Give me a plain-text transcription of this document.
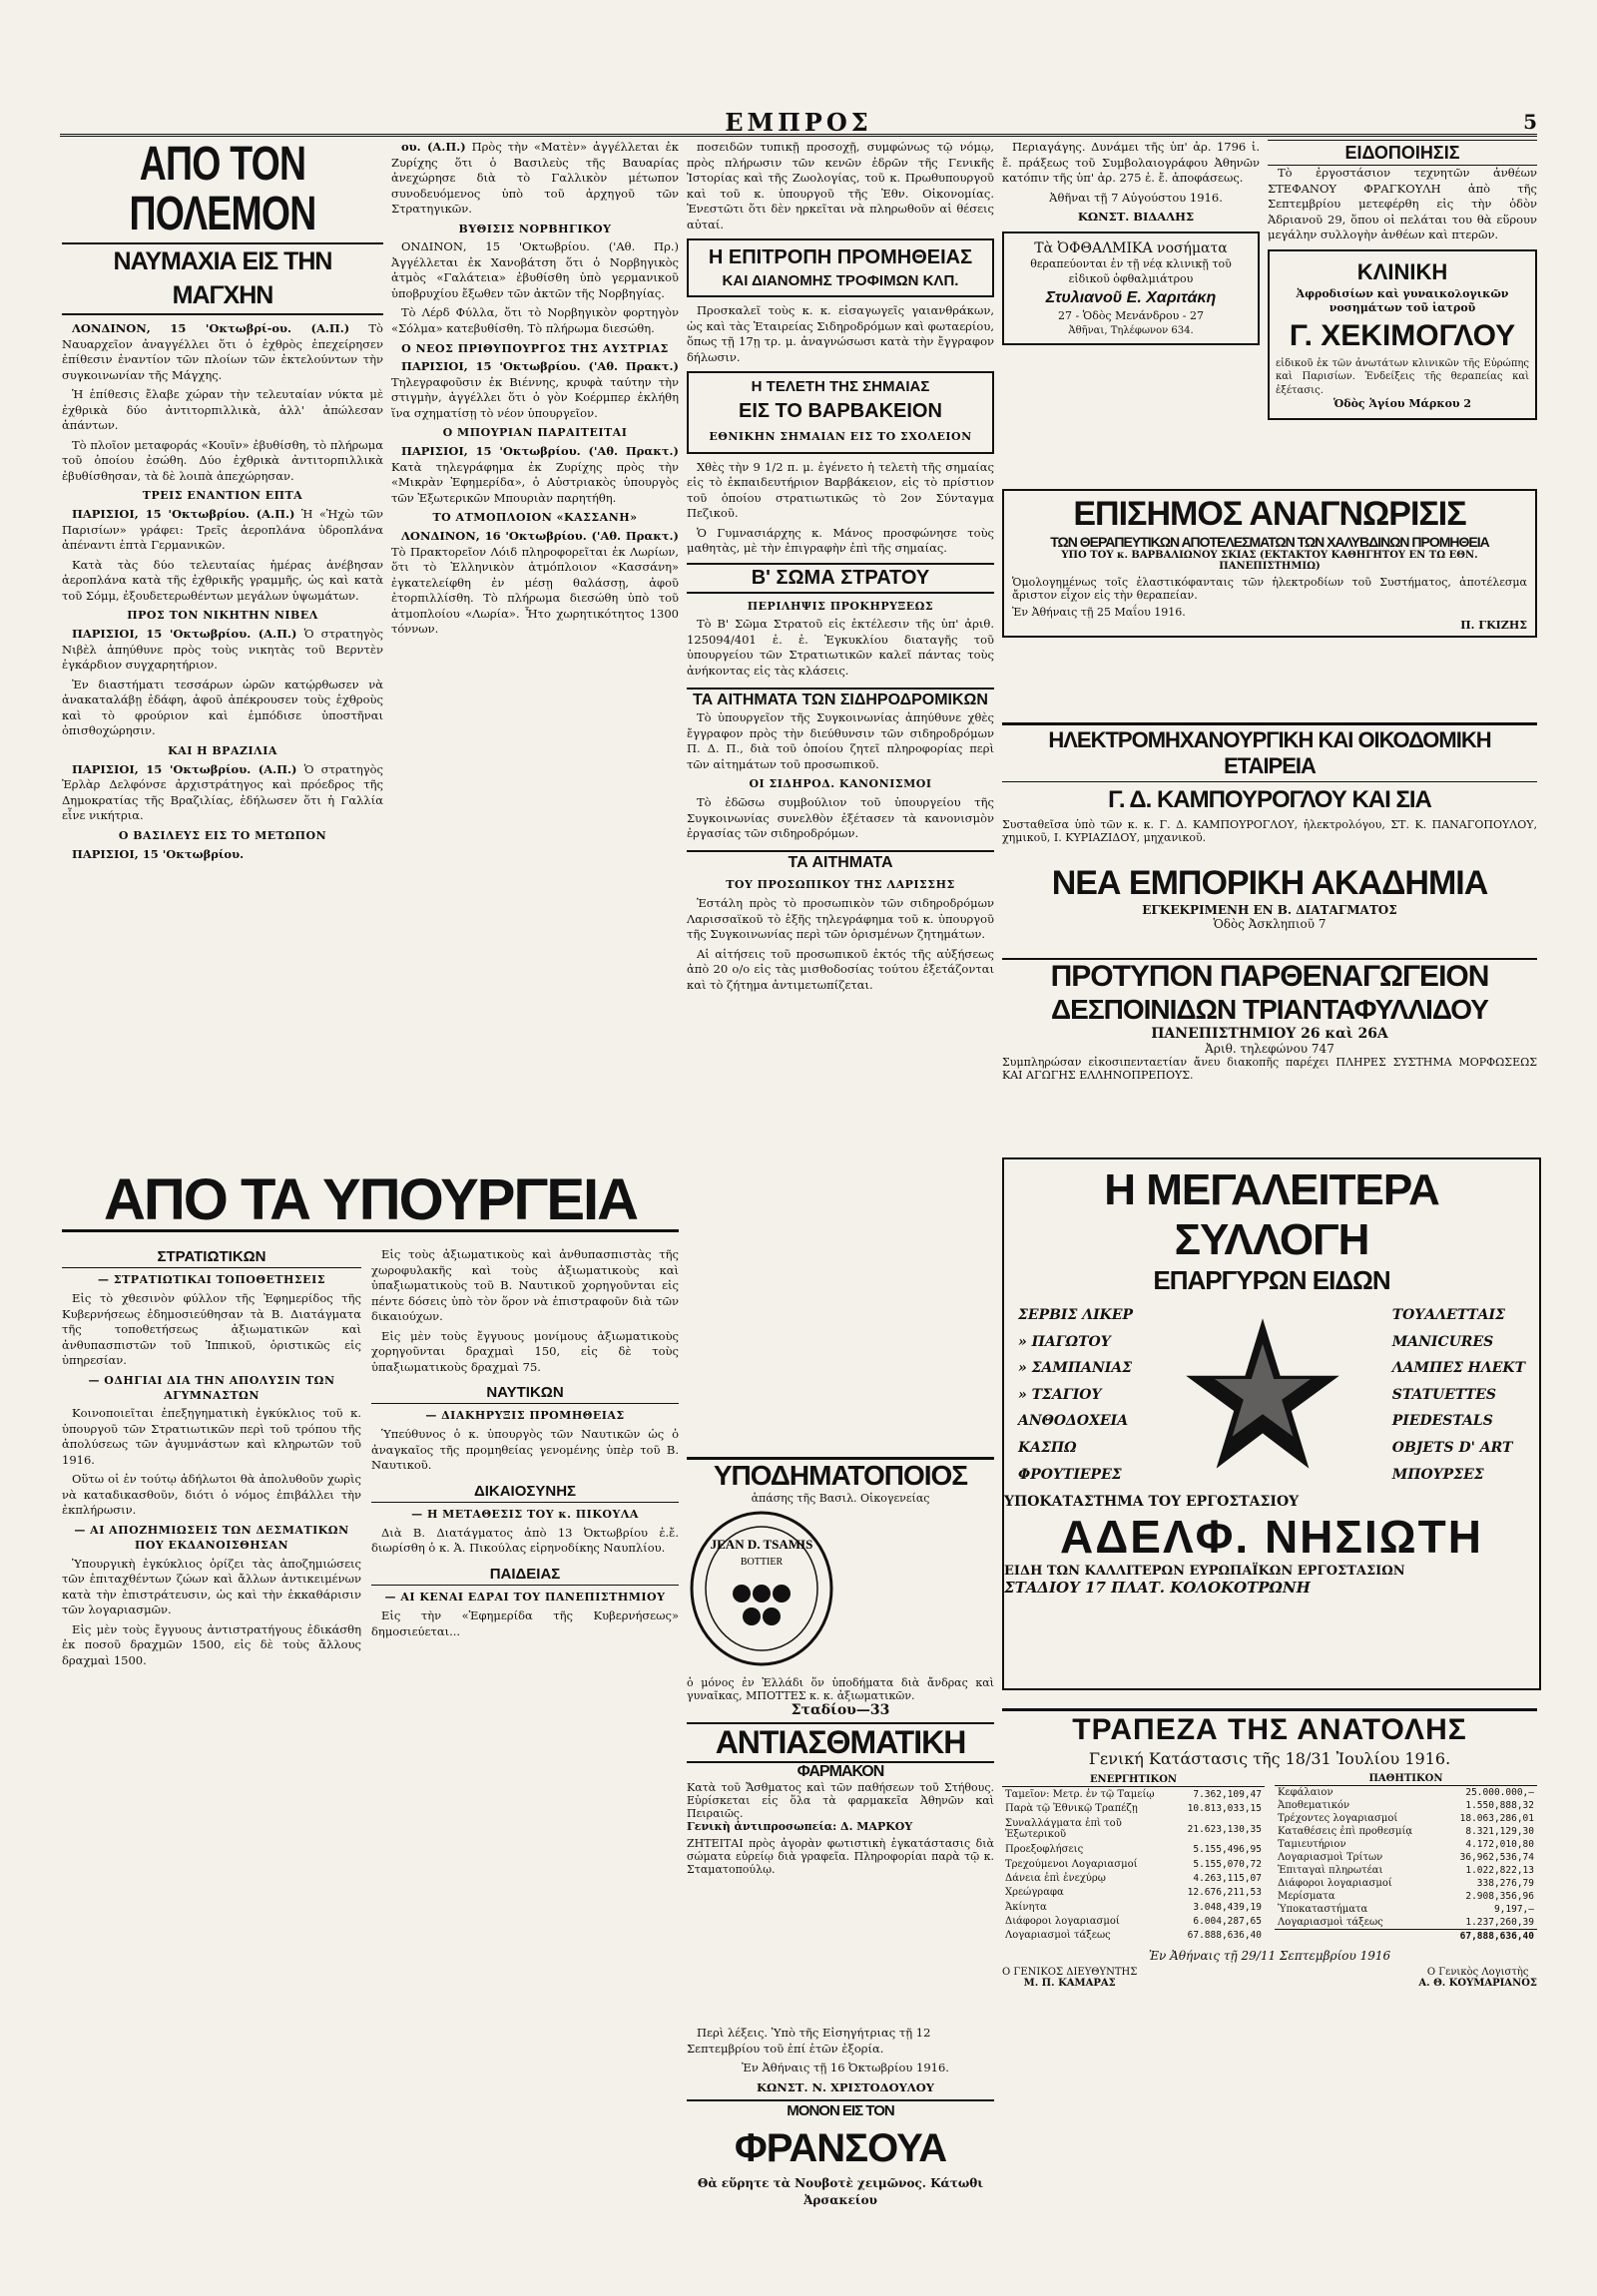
ΕΜΠΡΟΣ	5
ΑΠΟ ΤΟΝ ΠΟΛΕΜΟΝ
ΝΑΥΜΑΧΙΑ ΕΙΣ ΤΗΝ ΜΑΓΧΗΝ

ΛΟΝΔΙΝΟΝ, 15 'Οκτωβρί-ου. (Α.Π.) Τὸ Ναυαρχεῖον ἀναγγέλλει ὅτι ὁ ἐχθρὸς ἐπεχείρησεν ἐπίθεσιν ἐναντίον τῶν πλοίων τῶν ἐκτελούντων τὴν συγκοινωνίαν τῆς Μάγχης.

Ἡ ἐπίθεσις ἔλαβε χώραν τὴν τελευταίαν νύκτα μὲ ἐχθρικὰ δύο ἀντιτορπιλλικὰ, ἀλλ' ἀπώλεσαν ἁπάντων.

Τὸ πλοῖον μεταφοράς «Κουῖν» ἐβυθίσθη, τὸ πλήρωμα τοῦ ὁποίου ἐσώθη. Δύο ἐχθρικὰ ἀντιτορπιλλικὰ ἐβυθίσθησαν, τὰ δὲ λοιπὰ ἀπεχώρησαν.

ΤΡΕΙΣ ΕΝΑΝΤΙΟΝ ΕΠΤΑ

ΠΑΡΙΣΙΟΙ, 15 'Οκτωβρίου. (Α.Π.) Ἡ «Ἠχὼ τῶν Παρισίων» γράφει: Τρεῖς ἀεροπλάνα ὑδροπλάνα ἀπέναντι ἑπτὰ Γερμανικῶν.

Κατὰ τὰς δύο τελευταίας ἡμέρας ἀνέβησαν ἀεροπλάνα κατὰ τῆς ἐχθρικῆς γραμμῆς, ὡς καὶ κατὰ τοῦ Σόμμ, ἐξουδετερωθέντων μεγάλων ὑψωμάτων.

ΠΡΟΣ ΤΟΝ ΝΙΚΗΤΗΝ ΝΙΒΕΛ

ΠΑΡΙΣΙΟΙ, 15 'Οκτωβρίου. (Α.Π.) Ὁ στρατηγὸς Νιβὲλ ἀπηύθυνε πρὸς τοὺς νικητὰς τοῦ Βερντὲν ἐγκάρδιον συγχαρητήριον.

Ἐν διαστήματι τεσσάρων ὡρῶν κατῴρθωσεν νὰ ἀνακαταλάβῃ ἐδάφη, ἀφοῦ ἀπέκρουσεν τοὺς ἐχθροὺς καὶ τὸ φρούριον καὶ ἐμπόδισε ὑποστῆναι ὀπισθοχώρησιν.

ΚΑΙ Η ΒΡΑΖΙΛΙΑ

ΠΑΡΙΣΙΟΙ, 15 'Οκτωβρίου. (Α.Π.) Ὁ στρατηγὸς Ἐρλὰρ Δελφόνσε ἀρχιστράτηγος καὶ πρόεδρος τῆς Δημοκρατίας τῆς Βραζιλίας, ἐδήλωσεν ὅτι ἡ Γαλλία εἶνε νικήτρια.

Ο ΒΑΣΙΛΕΥΣ ΕΙΣ ΤΟ ΜΕΤΩΠΟΝ

ΠΑΡΙΣΙΟΙ, 15 'Οκτωβρίου.

ου. (Α.Π.) Πρὸς τὴν «Ματὲν» ἀγγέλλεται ἐκ Ζυρίχης ὅτι ὁ Βασιλεὺς τῆς Βαυαρίας ἀνεχώρησε διὰ τὸ Γαλλικὸν μέτωπον συνοδευόμενος ὑπὸ τοῦ ἀρχηγοῦ τῶν Στρατηγικῶν.

ΒΥΘΙΣΙΣ ΝΟΡΒΗΓΙΚΟΥ

ΟΝΔΙΝΟΝ, 15 'Οκτωβρίου. ('Αθ. Πρ.) Ἀγγέλλεται ἐκ Χανοβάτση ὅτι ὁ Νορβηγικὸς ἀτμὸς «Γαλάτεια» ἐβυθίσθη ὑπὸ γερμανικοῦ ὑποβρυχίου ἔξωθεν τῶν ἀκτῶν τῆς Νορβηγίας.

Τὸ Λέρδ Φύλλα, ὅτι τὸ Νορβηγικὸν φορτηγὸν «Σόλμα» κατεβυθίσθη. Τὸ πλήρωμα διεσώθη.

Ο ΝΕΟΣ ΠΡΙΘΥΠΟΥΡΓΟΣ ΤΗΣ ΑΥΣΤΡΙΑΣ

ΠΑΡΙΣΙΟΙ, 15 'Οκτωβρίου. ('Αθ. Πρακτ.) Τηλεγραφοῦσιν ἐκ Βιέννης, κρυφὰ ταύτην τὴν στιγμὴν, ἀγγέλλει ὅτι ὁ γὸν Κοέρμπερ ἐκλήθη ἵνα σχηματίσῃ τὸ νέον ὑπουργεῖον.

Ο ΜΠΟΥΡΙΑΝ ΠΑΡΑΙΤΕΙΤΑΙ

ΠΑΡΙΣΙΟΙ, 15 'Οκτωβρίου. ('Αθ. Πρακτ.) Κατὰ τηλεγράφημα ἐκ Ζυρίχης πρὸς τὴν «Μικρὰν Ἐφημερίδα», ὁ Αὐστριακὸς ὑπουργὸς τῶν Ἐξωτερικῶν Μπουριὰν παρητήθη.

ΤΟ ΑΤΜΟΠΛΟΙΟΝ «ΚΑΣΣΑΝΗ»

ΛΟΝΔΙΝΟΝ, 16 'Οκτωβρίου. ('Αθ. Πρακτ.) Τὸ Πρακτορεῖον Λόιδ πληροφορεῖται ἐκ Λωρίων, ὅτι τὸ Ἑλληνικὸν ἀτμόπλοιον «Κασσάνη» ἐγκατελείφθη ἐν μέσῃ θαλάσσῃ, ἀφοῦ ἐτορπιλλίσθη. Τὸ πλήρωμα διεσώθη ὑπὸ τοῦ ἀτμοπλοίου «Λωρία». Ἦτο χωρητικότητος 1300 τόννων.

ποσειδῶν τυπικῇ προσοχῇ, συμφώνως τῷ νόμῳ, πρὸς πλήρωσιν τῶν κενῶν ἐδρῶν τῆς Γενικῆς Ἱστορίας καὶ τῆς Ζωολογίας, τοῦ κ. Πρωθυπουργοῦ καὶ τοῦ κ. ὑπουργοῦ τῆς Ἐθν. Οἰκονομίας. Ἐνεστῶτι ὅτι δὲν ηρκεῖται νὰ πληρωθοῦν αἱ θέσεις αὐταί.

Η ΕΠΙΤΡΟΠΗ ΠΡΟΜΗΘΕΙΑΣ
ΚΑΙ ΔΙΑΝΟΜΗΣ ΤΡΟΦΙΜΩΝ ΚΛΠ.

Προσκαλεῖ τοὺς κ. κ. εἰσαγωγεῖς γαιανθράκων, ὡς καὶ τὰς Ἑταιρείας Σιδηροδρόμων καὶ φωταερίου, ὅπως τῇ 17ῃ τρ. μ. ἀναγνώσωσι κατὰ τὴν ἔγγραφον δήλωσιν.

Η ΤΕΛΕΤΗ ΤΗΣ ΣΗΜΑΙΑΣ
ΕΙΣ ΤΟ ΒΑΡΒΑΚΕΙΟΝ
ΕΘΝΙΚΗΝ ΣΗΜΑΙΑΝ ΕΙΣ ΤΟ ΣΧΟΛΕΙΟΝ

Χθὲς τὴν 9 1/2 π. μ. ἐγένετο ἡ τελετὴ τῆς σημαίας εἰς τὸ ἐκπαιδευτήριον Βαρβάκειον, εἰς τὸ πρίστιον τοῦ ὁποίου στρατιωτικῶς τὸ 2ον Σύνταγμα Πεζικοῦ.

Ὁ Γυμνασιάρχης κ. Μάνος προσφώνησε τοὺς μαθητὰς, μὲ τὴν ἐπιγραφὴν ἐπὶ τῆς σημαίας.

Β' ΣΩΜΑ ΣΤΡΑΤΟΥ
ΠΕΡΙΛΗΨΙΣ ΠΡΟΚΗΡΥΞΕΩΣ

Τὸ Β' Σῶμα Στρατοῦ εἰς ἐκτέλεσιν τῆς ὑπ' ἀριθ. 125094/401 ἐ. ἐ. Ἐγκυκλίου διαταγῆς τοῦ ὑπουργείου τῶν Στρατιωτικῶν καλεῖ πάντας τοὺς ἀνήκοντας εἰς τὰς κλάσεις.

ΤΑ ΑΙΤΗΜΑΤΑ ΤΩΝ ΣΙΔΗΡΟΔΡΟΜΙΚΩΝ

Τὸ ὑπουργεῖον τῆς Συγκοινωνίας ἀπηύθυνε χθὲς ἔγγραφον πρὸς τὴν διεύθυνσιν τῶν σιδηροδρόμων Π. Δ. Π., διὰ τοῦ ὁποίου ζητεῖ πληροφορίας περὶ τῶν αἰτημάτων τοῦ προσωπικοῦ.

ΟΙ ΣΙΔΗΡΟΔ. ΚΑΝΟΝΙΣΜΟΙ

Τὸ ἐδῶσω συμβούλιον τοῦ ὑπουργείου τῆς Συγκοινωνίας συνελθὸν ἐξέτασεν τὰ κανονισμὸν ἐργασίας τῶν σιδηροδρόμων.

ΤΑ ΑΙΤΗΜΑΤΑ
ΤΟΥ ΠΡΟΣΩΠΙΚΟΥ ΤΗΣ ΛΑΡΙΣΣΗΣ

Ἐστάλη πρὸς τὸ προσωπικὸν τῶν σιδηροδρόμων Λαρισσαϊκοῦ τὸ ἑξῆς τηλεγράφημα τοῦ κ. ὑπουργοῦ τῆς Συγκοινωνίας περὶ τῶν ὁρισμένων ζητημάτων.

Αἱ αἰτήσεις τοῦ προσωπικοῦ ἐκτός τῆς αὐξήσεως ἀπὸ 20 ο/ο εἰς τὰς μισθοδοσίας τούτου ἐξετάζονται καὶ τὸ ζήτημα ἀντιμετωπίζεται.

Περιαγάγης. Δυνάμει τῆς ὑπ' ἀρ. 1796 ἰ. ἔ. πράξεως τοῦ Συμβολαιογράφου Ἀθηνῶν κατόπιν τῆς ὑπ' ἀρ. 275 ἐ. ἔ. ἀποφάσεως.

Ἀθῆναι τῇ 7 Αὐγούστου 1916.

ΚΩΝΣΤ. ΒΙΔΑΛΗΣ

Τὰ ὈΦΘΑΛΜΙΚΑ νοσήματα
θεραπεύονται ἐν τῇ νέᾳ κλινικῇ τοῦ εἰδικοῦ ὀφθαλμιάτρου
Στυλιανοῦ Ε. Χαριτάκη
27 - Ὁδὸς Μενάνδρου - 27
Ἀθῆναι, Τηλέφωνον 634.
ΕΙΔΟΠΟΙΗΣΙΣ

Τὸ ἐργοστάσιον τεχνητῶν ἀνθέων ΣΤΕΦΑΝΟΥ ΦΡΑΓΚΟΥΛΗ ἀπὸ τῆς Σεπτεμβρίου μετεφέρθη εἰς τὴν ὁδὸν Ἀδριανοῦ 29, ὅπου οἱ πελάται του θὰ εὕρουν μεγάλην συλλογὴν ἀνθέων καὶ πτερῶν.

ΚΛΙΝΙΚΗ
Ἀφροδισίων καὶ γυναικολογικῶν νοσημάτων τοῦ ἰατροῦ
Γ. ΧΕΚΙΜΟΓΛΟΥ
εἰδικοῦ ἐκ τῶν ἀνωτάτων κλινικῶν τῆς Εὐρώπης καὶ Παρισίων. Ἐνδείξεις τῆς θεραπείας καὶ ἐξέτασις.
Ὁδὸς Ἁγίου Μάρκου 2
ΕΠΙΣΗΜΟΣ ΑΝΑΓΝΩΡΙΣΙΣ
ΤΩΝ ΘΕΡΑΠΕΥΤΙΚΩΝ ΑΠΟΤΕΛΕΣΜΑΤΩΝ ΤΩΝ ΧΑΛΥΒΔΙΝΩΝ ΠΡΟΜΗΘΕΙΑ
ΥΠΟ ΤΟΥ κ. ΒΑΡΒΑΛΙΩΝΟΥ ΣΚΙΑΣ (ΕΚΤΑΚΤΟΥ ΚΑΘΗΓΗΤΟΥ ΕΝ ΤΩ ΕΘΝ. ΠΑΝΕΠΙΣΤΗΜΙΩ)
Ὁμολογημένως τοῖς ἐλαστικόφανταις τῶν ἠλεκτροδίων τοῦ Συστήματος, ἀποτέλεσμα ἄριστον εἶχον εἰς τὴν θεραπείαν.
Ἐν Ἀθήναις τῇ 25 Μαΐου 1916.
Π. ΓΚΙΖΗΣ
ΗΛΕΚΤΡΟΜΗΧΑΝΟΥΡΓΙΚΗ ΚΑΙ ΟΙΚΟΔΟΜΙΚΗ ΕΤΑΙΡΕΙΑ
Γ. Δ. ΚΑΜΠΟΥΡΟΓΛΟΥ ΚΑΙ ΣΙΑ
Συσταθεῖσα ὑπὸ τῶν κ. κ. Γ. Δ. ΚΑΜΠΟΥΡΟΓΛΟΥ, ἠλεκτρολόγου, ΣΤ. Κ. ΠΑΝΑΓΟΠΟΥΛΟΥ, χημικοῦ, Ι. ΚΥΡΙΑΖΙΔΟΥ, μηχανικοῦ.
ΝΕΑ ΕΜΠΟΡΙΚΗ ΑΚΑΔΗΜΙΑ
ΕΓΚΕΚΡΙΜΕΝΗ ΕΝ Β. ΔΙΑΤΑΓΜΑΤΟΣ
Ὁδὸς Ἀσκληπιοῦ 7
ΠΡΟΤΥΠΟΝ ΠΑΡΘΕΝΑΓΩΓΕΙΟΝ
ΔΕΣΠΟΙΝΙΔΩΝ ΤΡΙΑΝΤΑΦΥΛΛΙΔΟΥ
ΠΑΝΕΠΙΣΤΗΜΙΟΥ 26 καὶ 26Α
Ἀριθ. τηλεφώνου 747
Συμπληρώσαν εἰκοσιπενταετίαν ἄνευ διακοπῆς παρέχει ΠΛΗΡΕΣ ΣΥΣΤΗΜΑ ΜΟΡΦΩΣΕΩΣ ΚΑΙ ΑΓΩΓΗΣ ΕΛΛΗΝΟΠΡΕΠΟΥΣ.
Η ΜΕΓΑΛΕΙΤΕΡΑ ΣΥΛΛΟΓΗ
ΕΠΑΡΓΥΡΩΝ ΕΙΔΩΝ
ΣΕΡΒΙΣ ΛΙΚΕΡ
» ΠΑΓΩΤΟΥ
» ΣΑΜΠΑΝΙΑΣ
» ΤΣΑΓΙΟΥ
ΑΝΘΟΔΟΧΕΙΑ
ΚΑΣΠΩ
ΦΡΟΥΤΙΕΡΕΣ
ΤΟΥΑΛΕΤΤΑΙΣ
MANICURES
ΛΑΜΠΕΣ ΗΛΕΚΤ
STATUETTES
PIEDESTALS
OBJETS D' ART
ΜΠΟΥΡΣΕΣ
ΥΠΟΚΑΤΑΣΤΗΜΑ ΤΟΥ ΕΡΓΟΣΤΑΣΙΟΥ
ΑΔΕΛΦ. ΝΗΣΙΩΤΗ
ΕΙΔΗ ΤΩΝ ΚΑΛΛΙΤΕΡΩΝ ΕΥΡΩΠΑΪΚΩΝ ΕΡΓΟΣΤΑΣΙΩΝ
ΣΤΑΔΙΟΥ 17 ΠΛΑΤ. ΚΟΛΟΚΟΤΡΩΝΗ
ΥΠΟΔΗΜΑΤΟΠΟΙΟΣ
ἀπάσης τῆς Βασιλ. Οἰκογενείας
JEAN D. TSAMIS
BOTTIER
ὁ μόνος ἐν Ἑλλάδι ὅν ὑποδήματα διὰ ἄνδρας καὶ γυναῖκας, ΜΠΟΤΤΕΣ κ. κ. ἀξιωματικῶν.
Σταδίου—33
ΑΝΤΙΑΣΘΜΑΤΙΚΗ
ΦΑΡΜΑΚΟΝ
Κατὰ τοῦ Ἄσθματος καὶ τῶν παθήσεων τοῦ Στήθους. Εὑρίσκεται εἰς ὅλα τὰ φαρμακεῖα Ἀθηνῶν καὶ Πειραιῶς.
Γενικὴ ἀντιπροσωπεία: Δ. ΜΑΡΚΟΥ
ΖΗΤΕΙΤΑΙ πρὸς ἀγορὰν φωτιστικὴ ἐγκατάστασις διὰ σώματα εὐρείῳ διὰ γραφεῖα. Πληροφορίαι παρὰ τῷ κ. Σταματοπούλῳ.

Περὶ λέξεις. Ὑπὸ τῆς Εἰσηγήτριας τῇ 12 Σεπτεμβρίου τοῦ ἐπί ἐτῶν ἐξορία.

Ἐν Ἀθήναις τῇ 16 Ὀκτωβρίου 1916.

ΚΩΝΣΤ. Ν. ΧΡΙΣΤΟΔΟΥΛΟΥ

ΜΟΝΟΝ ΕΙΣ ΤΟΝ
ΦΡΑΝΣΟΥΑ
Θὰ εὕρητε τὰ Νουβοτὲ χειμῶνος. Κάτωθι Ἀρσακείου
ΑΠΟ ΤΑ ΥΠΟΥΡΓΕΙΑ
ΣΤΡΑΤΙΩΤΙΚΩΝ
— ΣΤΡΑΤΙΩΤΙΚΑΙ ΤΟΠΟΘΕΤΗΣΕΙΣ

Εἰς τὸ χθεσινὸν φύλλον τῆς Ἐφημερίδος τῆς Κυβερνήσεως ἐδημοσιεύθησαν τὰ Β. Διατάγματα τῆς τοποθετήσεως ἀξιωματικῶν καὶ ἀνθυπασπιστῶν τοῦ Ἱππικοῦ, ὁριστικῶς εἰς ὑπηρεσίαν.

— ΟΔΗΓΙΑΙ ΔΙΑ ΤΗΝ ΑΠΟΛΥΣΙΝ ΤΩΝ ΑΓΥΜΝΑΣΤΩΝ

Κοινοποιεῖται ἐπεξηγηματικὴ ἐγκύκλιος τοῦ κ. ὑπουργοῦ τῶν Στρατιωτικῶν περὶ τοῦ τρόπου τῆς ἀπολύσεως τῶν ἀγυμνάστων καὶ κληρωτῶν τοῦ 1916.

Οὕτω οἱ ἐν τούτῳ ἀδήλωτοι θὰ ἀπολυθοῦν χωρὶς νὰ καταδικασθοῦν, διότι ὁ νόμος ἐπιβάλλει τὴν ἐκπλήρωσιν.

— ΑΙ ΑΠΟΖΗΜΙΩΣΕΙΣ ΤΩΝ ΔΕΣΜΑΤΙΚΩΝ ΠΟΥ ΕΚΔΑΝΟΙΣΘΗΣΑΝ

Ὑπουργικὴ ἐγκύκλιος ὁρίζει τὰς ἀποζημιώσεις τῶν ἐπιταχθέντων ζώων καὶ ἄλλων ἀντικειμένων κατὰ τὴν ἐπιστράτευσιν, ὡς καὶ τὴν ἐκκαθάρισιν τῶν λογαριασμῶν.

Εἰς μὲν τοὺς ἔγγυους ἀντιστρατήγους ἐδικάσθη ἐκ ποσοῦ δραχμῶν 1500, εἰς δὲ τοὺς ἄλλους δραχμαὶ 1500.

Εἰς τοὺς ἀξιωματικοὺς καὶ ἀνθυπασπιστὰς τῆς χωροφυλακῆς καὶ τοὺς ἀξιωματικοὺς καὶ ὑπαξιωματικοὺς τοῦ Β. Ναυτικοῦ χορηγοῦνται εἰς πέντε δόσεις ὑπὸ τὸν ὅρον νὰ ἐπιστραφοῦν διὰ τῶν δικαιούχων.

Εἰς μὲν τοὺς ἔγγυους μονίμους ἀξιωματικοὺς χορηγοῦνται δραχμαὶ 150, εἰς δὲ τοὺς ὑπαξιωματικοὺς δραχμαὶ 75.

ΝΑΥΤΙΚΩΝ
— ΔΙΑΚΗΡΥΞΙΣ ΠΡΟΜΗΘΕΙΑΣ

Ὑπεύθυνος ὁ κ. ὑπουργὸς τῶν Ναυτικῶν ὡς ὁ ἀναγκαῖος τῆς προμηθείας γενομένης ὑπὲρ τοῦ Β. Ναυτικοῦ.

ΔΙΚΑΙΟΣΥΝΗΣ
— Η ΜΕΤΑΘΕΣΙΣ ΤΟΥ κ. ΠΙΚΟΥΛΑ

Διὰ Β. Διατάγματος ἀπὸ 13 Ὀκτωβρίου ἐ.ἔ. διωρίσθη ὁ κ. Ἀ. Πικούλας εἰρηνοδίκης Ναυπλίου.

ΠΑΙΔΕΙΑΣ
— ΑΙ ΚΕΝΑΙ ΕΔΡΑΙ ΤΟΥ ΠΑΝΕΠΙΣΤΗΜΙΟΥ

Εἰς τὴν «Ἐφημερίδα τῆς Κυβερνήσεως» δημοσιεύεται...

ΤΡΑΠΕΖΑ ΤΗΣ ΑΝΑΤΟΛΗΣ
Γενική Κατάστασις τῆς 18/31 Ἰουλίου 1916.
ΕΝΕΡΓΗΤΙΚΟΝ	
Ταμεῖον: Μετρ. ἐν τῷ Ταμείῳ	7.362,109,47
Παρὰ τῷ Ἐθνικῷ Τραπέζῃ	10.813,033,15
Συναλλάγματα ἐπὶ τοῦ Ἐξωτερικοῦ	21.623,130,35
Προεξοφλήσεις	5.155,496,95
Τρεχούμενοι Λογαριασμοί	5.155,070,72
Δάνεια ἐπὶ ἐνεχύρῳ	4.263,115,07
Χρεώγραφα	12.676,211,53
Ἀκίνητα	3.048,439,19
Διάφοροι λογαριασμοί	6.004,287,65
Λογαριασμοὶ τάξεως	67.888,636,40
ΠΑΘΗΤΙΚΟΝ	
Κεφάλαιον	25.000.000,—
Ἀποθεματικόν	1.550,888,32
Τρέχοντες λογαριασμοί	18.063,286,01
Καταθέσεις ἐπὶ προθεσμίᾳ	8.321,129,30
Ταμιευτήριον	4.172,010,80
Λογαριασμοὶ Τρίτων	36,962,536,74
Ἐπιταγαὶ πληρωτέαι	1.022,822,13
Διάφοροι λογαριασμοί	338,276,79
Μερίσματα	2.908,356,96
Ὑποκαταστήματα	9,197,—
Λογαριασμοὶ τάξεως	1.237,260,39
	67,888,636,40
Ἐν Ἀθήναις τῇ 29/11 Σεπτεμβρίου 1916
Ο ΓΕΝΙΚΟΣ ΔΙΕΥΘΥΝΤΗΣ
Μ. Π. ΚΑΜΑΡΑΣ
Ο Γενικὸς Λογιστὴς
Α. Θ. ΚΟΥΜΑΡΙΑΝΟΣ
